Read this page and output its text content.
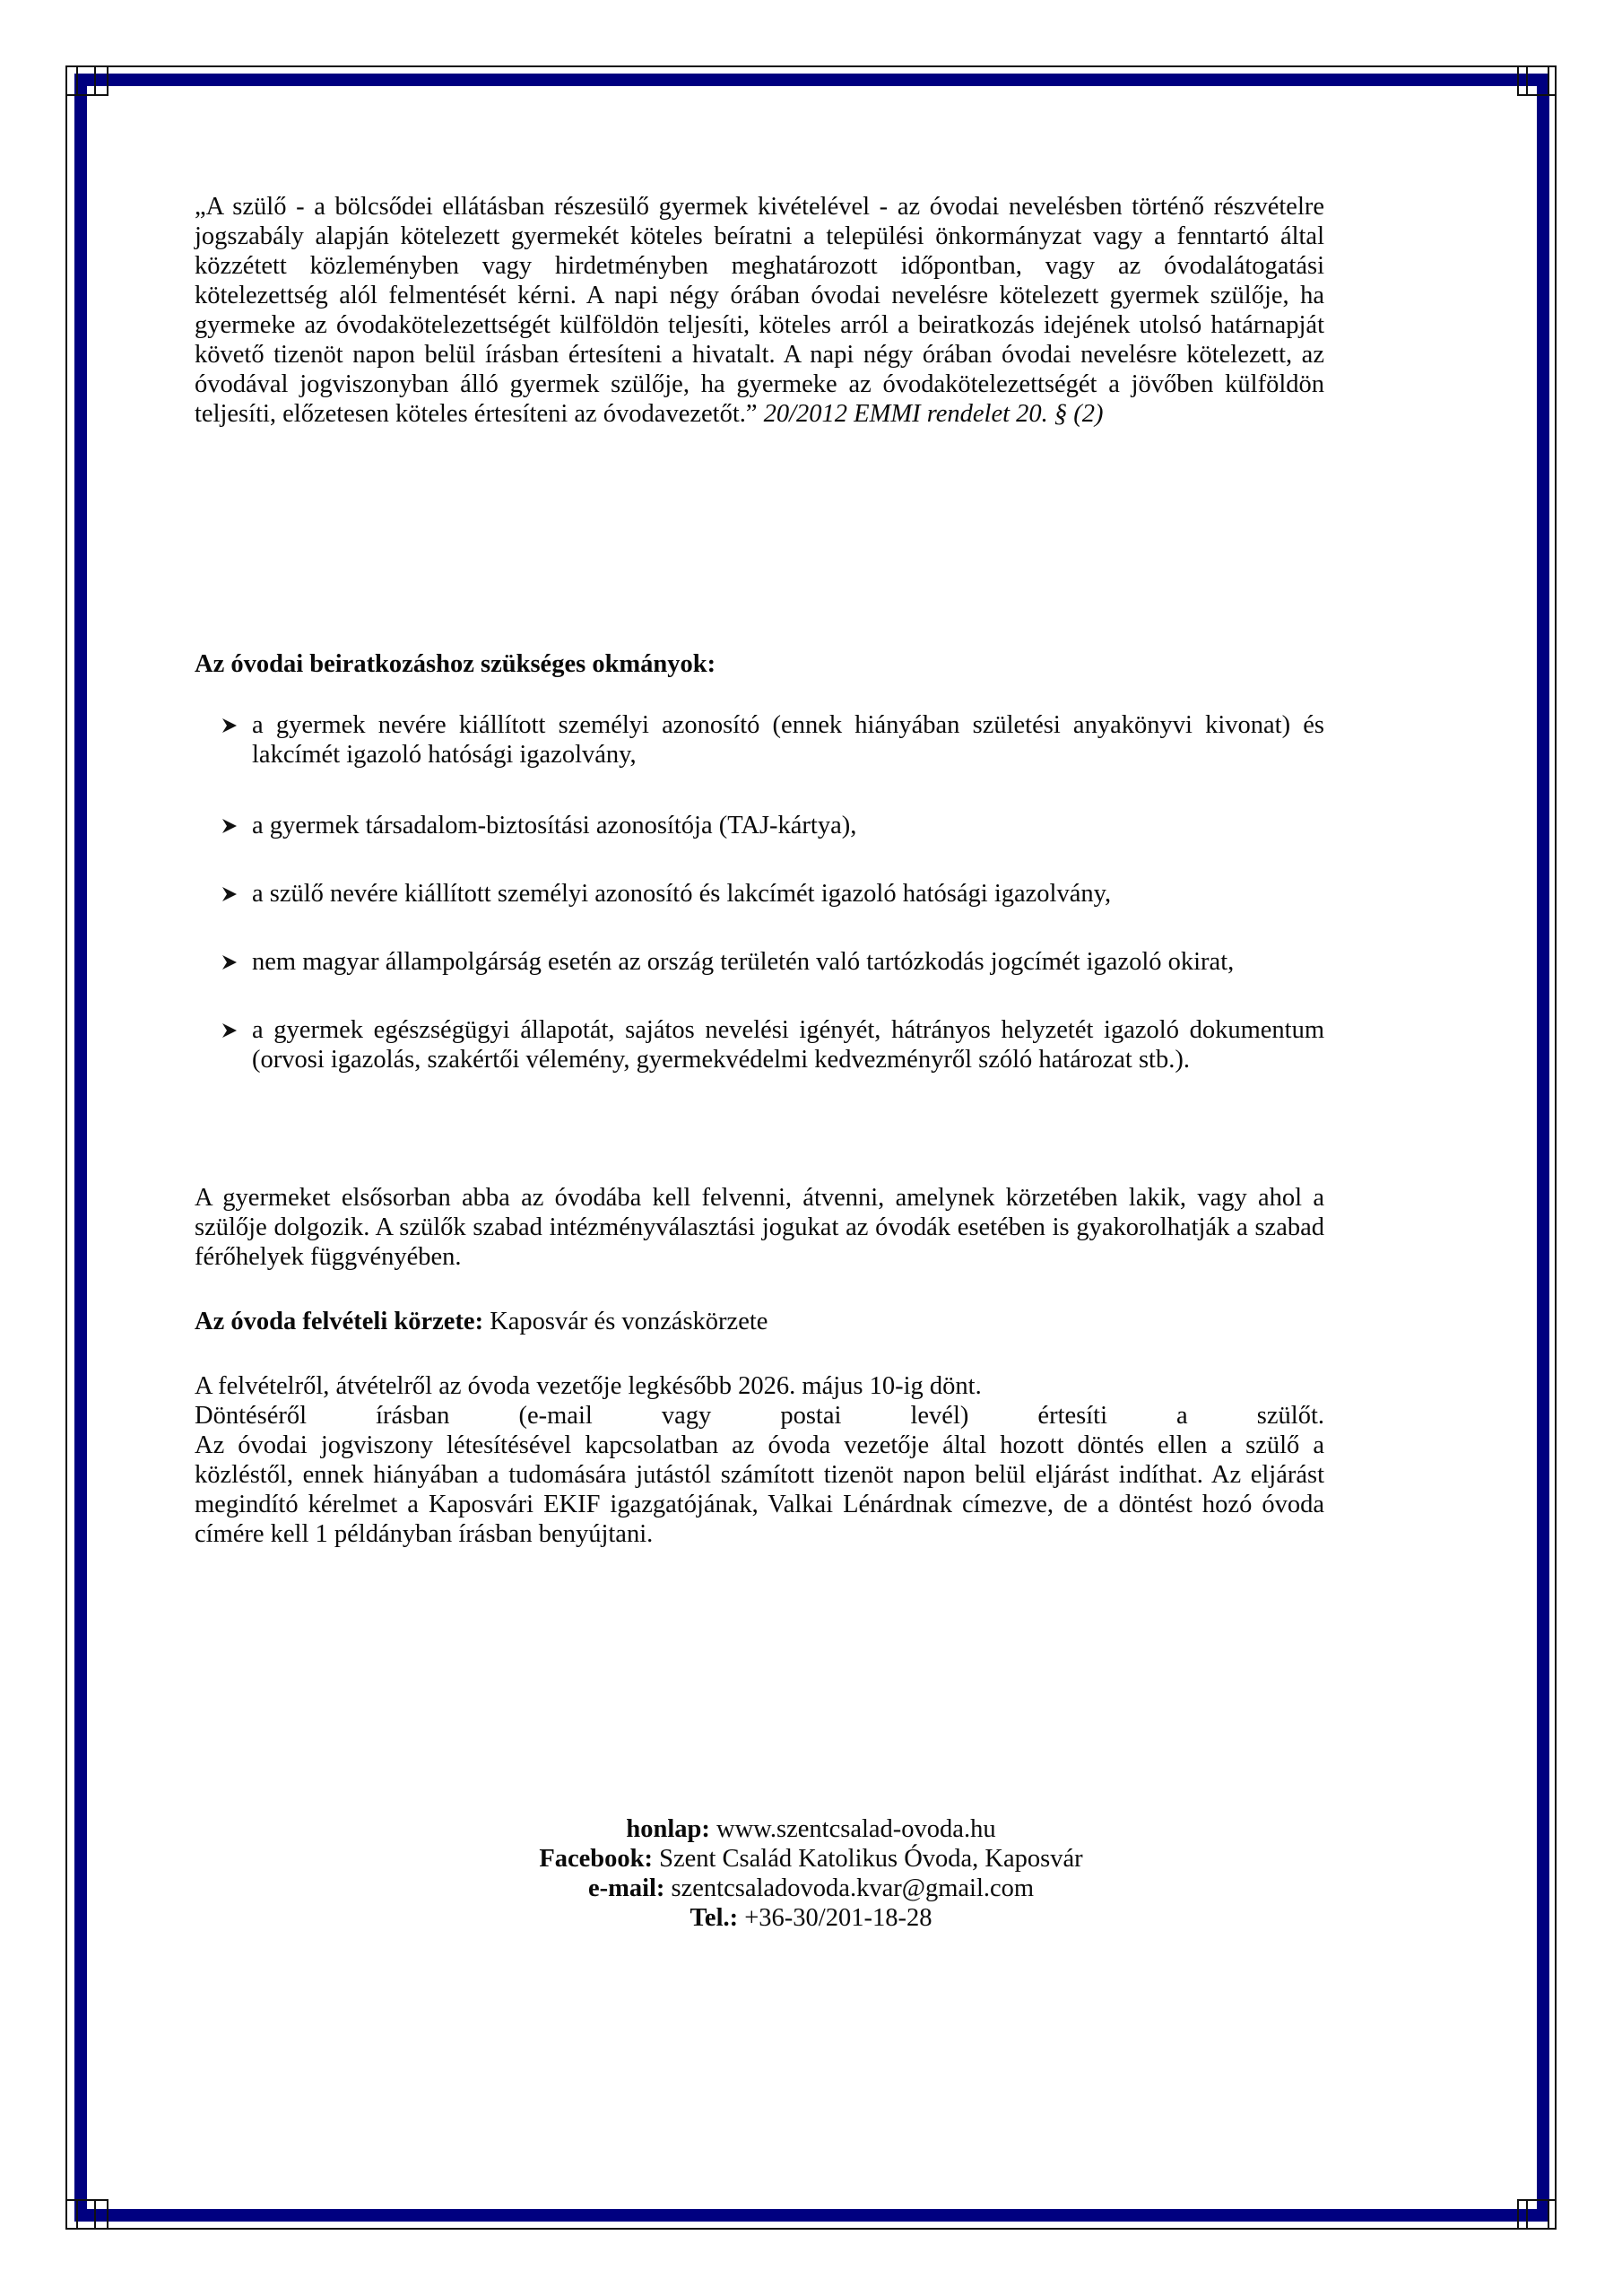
„A szülő - a bölcsődei ellátásban részesülő gyermek kivételével - az óvodai nevelésben történő részvételre jogszabály alapján kötelezett gyermekét köteles beíratni a települési önkormányzat vagy a fenntartó által közzétett közleményben vagy hirdetményben meghatározott időpontban, vagy az óvodalátogatási kötelezettség alól felmentését kérni. A napi négy órában óvodai nevelésre kötelezett gyermek szülője, ha gyermeke az óvodakötelezettségét külföldön teljesíti, köteles arról a beiratkozás idejének utolsó határnapját követő tizenöt napon belül írásban értesíteni a hivatalt. A napi négy órában óvodai nevelésre kötelezett, az óvodával jogviszonyban álló gyermek szülője, ha gyermeke az óvodakötelezettségét a jövőben külföldön teljesíti, előzetesen köteles értesíteni az óvodavezetőt.” 20/2012 EMMI rendelet 20. § (2)

Az óvodai beiratkozáshoz szükséges okmányok:

a gyermek nevére kiállított személyi azonosító (ennek hiányában születési anyakönyvi kivonat) és lakcímét igazoló hatósági igazolvány,
a gyermek társadalom-biztosítási azonosítója (TAJ-kártya),
a szülő nevére kiállított személyi azonosító és lakcímét igazoló hatósági igazolvány,
nem magyar állampolgárság esetén az ország területén való tartózkodás jogcímét igazoló okirat,
a gyermek egészségügyi állapotát, sajátos nevelési igényét, hátrányos helyzetét igazoló dokumentum (orvosi igazolás, szakértői vélemény, gyermekvédelmi kedvezményről szóló határozat stb.).

A gyermeket elsősorban abba az óvodába kell felvenni, átvenni, amelynek körzetében lakik, vagy ahol a szülője dolgozik. A szülők szabad intézményválasztási jogukat az óvodák esetében is gyakorolhatják a szabad férőhelyek függvényében.

Az óvoda felvételi körzete: Kaposvár és vonzáskörzete

A felvételről, átvételről az óvoda vezetője legkésőbb 2026. május 10-ig dönt.
Döntéséről írásban (e-mail vagy postai levél) értesíti a szülőt.

Az óvodai jogviszony létesítésével kapcsolatban az óvoda vezetője által hozott döntés ellen a szülő a közléstől, ennek hiányában a tudomására jutástól számított tizenöt napon belül eljárást indíthat. Az eljárást megindító kérelmet a Kaposvári EKIF igazgatójának, Valkai Lénárdnak címezve, de a döntést hozó óvoda címére kell 1 példányban írásban benyújtani.

honlap: www.szentcsalad-ovoda.hu
Facebook: Szent Család Katolikus Óvoda, Kaposvár
e-mail: szentcsaladovoda.kvar@gmail.com
Tel.: +36-30/201-18-28
